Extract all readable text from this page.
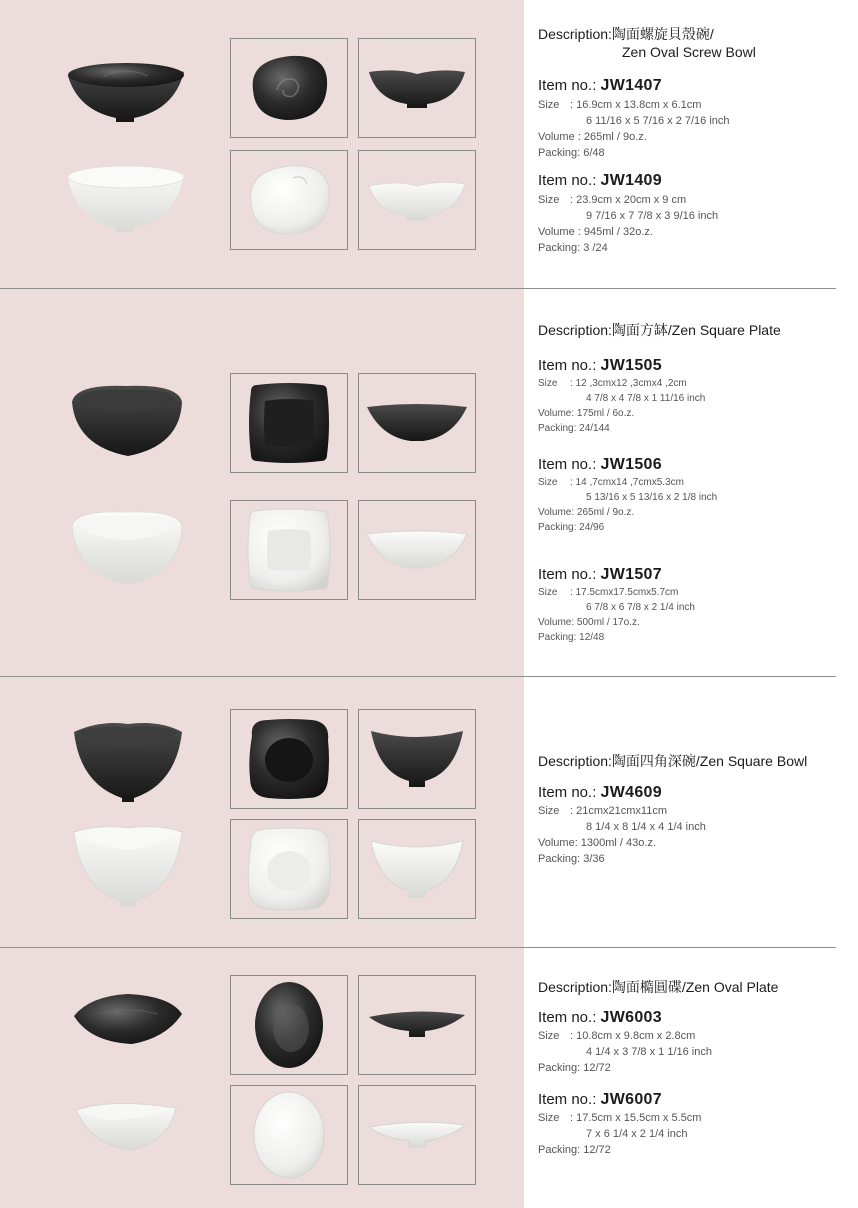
Description:陶面螺旋貝殼碗/
Zen Oval Screw Bowl
Item no.: JW1407
Size : 16.9cm x 13.8cm x 6.1cm
6 11/16 x 5 7/16 x 2 7/16 inch
Volume : 265ml / 9o.z.
Packing: 6/48
Item no.: JW1409
Size : 23.9cm x 20cm x 9 cm
9 7/16 x 7 7/8 x 3 9/16 inch
Volume : 945ml / 32o.z.
Packing: 3 /24
Description:陶面方缽/Zen Square Plate
Item no.: JW1505
Size : 12 ,3cmx12 ,3cmx4 ,2cm
4 7/8 x 4 7/8 x 1 11/16 inch
Volume: 175ml / 6o.z.
Packing: 24/144
Item no.: JW1506
Size : 14 ,7cmx14 ,7cmx5.3cm
5 13/16 x 5 13/16 x 2 1/8 inch
Volume: 265ml / 9o.z.
Packing: 24/96
Item no.: JW1507
Size : 17.5cmx17.5cmx5.7cm
6 7/8 x 6 7/8 x 2 1/4 inch
Volume: 500ml / 17o.z.
Packing: 12/48
Description:陶面四角深碗/Zen Square Bowl
Item no.: JW4609
Size : 21cmx21cmx11cm
8 1/4 x 8 1/4 x 4 1/4 inch
Volume: 1300ml / 43o.z.
Packing: 3/36
Description:陶面橢圓碟/Zen Oval Plate
Item no.: JW6003
Size : 10.8cm x 9.8cm x 2.8cm
4 1/4 x 3 7/8 x 1 1/16 inch
Packing: 12/72
Item no.: JW6007
Size : 17.5cm x 15.5cm x 5.5cm
7 x 6 1/4 x 2 1/4 inch
Packing: 12/72
